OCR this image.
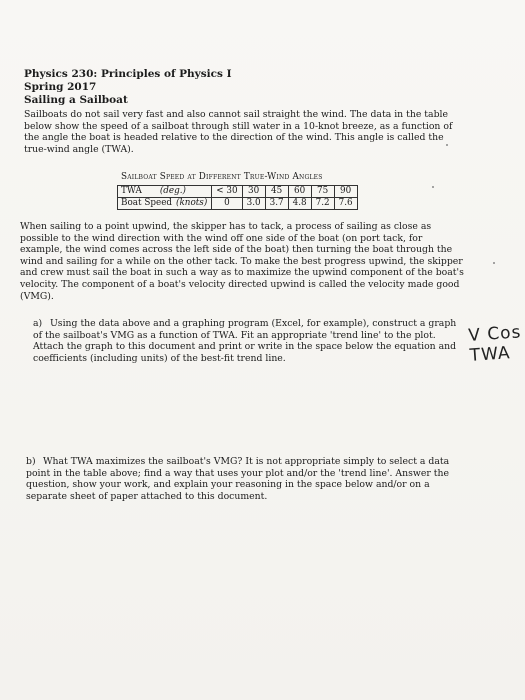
Physics 230: Principles of Physics I
Spring 2017
Sailing a Sailboat
Sailboats do not sail very fast and also cannot sail straight the wind. The data in the table below show the speed of a sailboat through still water in a 10-knot breeze, as a function of the angle the boat is headed relative to the direction of the wind. This angle is called the true-wind angle (TWA).
Sailboat Speed at Different True-Wind Angles
TWA (deg.)	< 30	30	45	60	75	90
Boat Speed (knots)	0	3.0	3.7	4.8	7.2	7.6
When sailing to a point upwind, the skipper has to tack, a process of sailing as close as possible to the wind direction with the wind off one side of the boat (on port tack, for example, the wind comes across the left side of the boat) then turning the boat through the wind and sailing for a while on the other tack. To make the best progress upwind, the skipper and crew must sail the boat in such a way as to maximize the upwind component of the boat's velocity. The component of a boat's velocity directed upwind is called the velocity made good (VMG).
a) Using the data above and a graphing program (Excel, for example), construct a graph of the sailboat's VMG as a function of TWA. Fit an appropriate 'trend line' to the plot. Attach the graph to this document and print or write in the space below the equation and coefficients (including units) of the best-fit trend line.
V Cos TWA
b) What TWA maximizes the sailboat's VMG? It is not appropriate simply to select a data point in the table above; find a way that uses your plot and/or the 'trend line'. Answer the question, show your work, and explain your reasoning in the space below and/or on a separate sheet of paper attached to this document.
